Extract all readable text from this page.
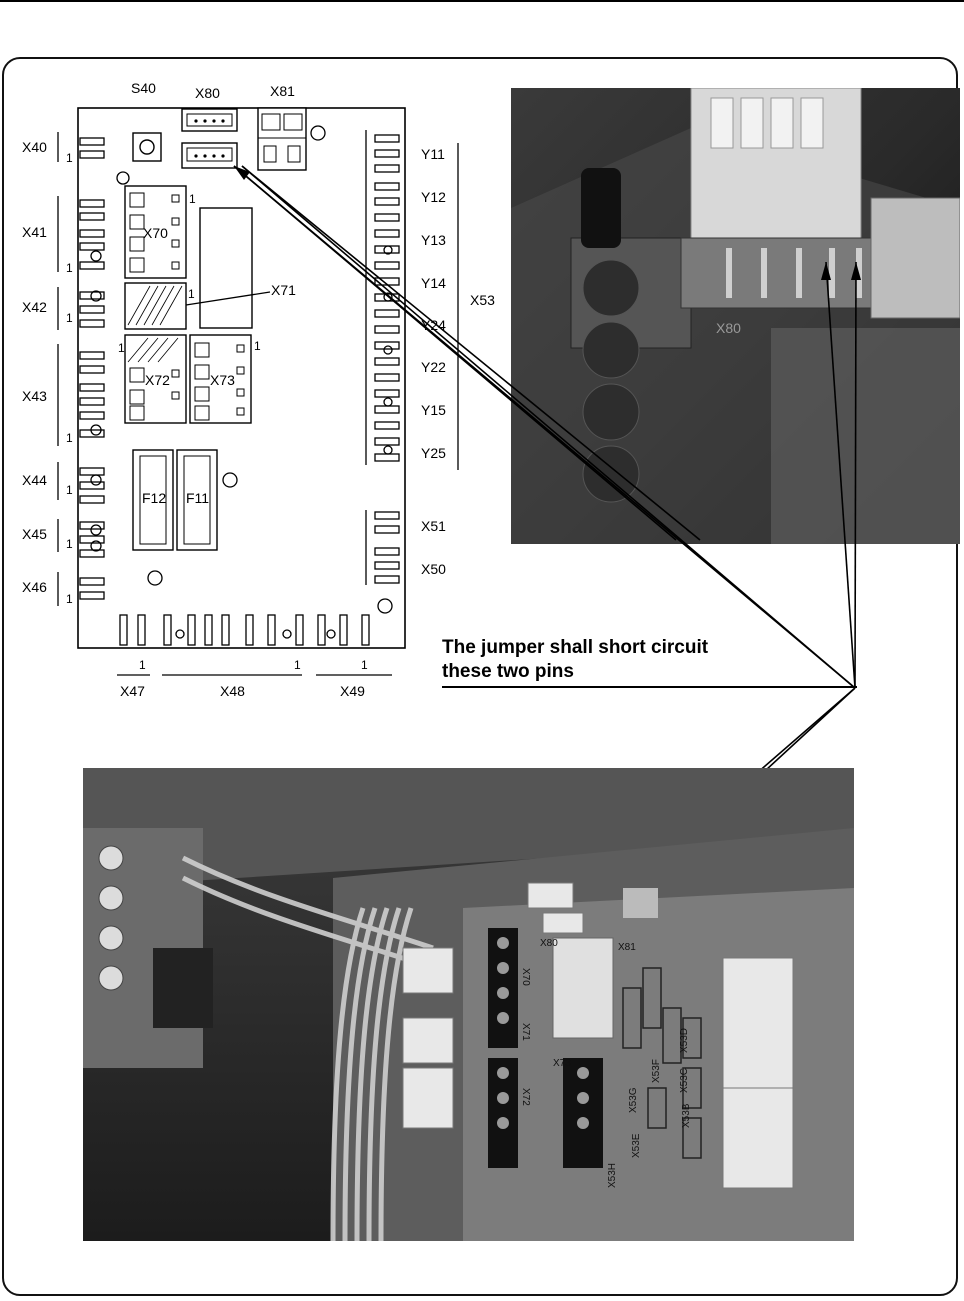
S40	X80	X81
X40
X41
X42
X43
X44
X45
X46
X70
X71
X72	X73
F12 F11
Y11
Y12
Y13
Y14
Y24
Y22
Y15
Y25
X53
X51
X50
X47	X48	X49
1
1
1
1
1
1
1
1
1
1	1
1	1	1
X80
The jumper shall short circuit
these two pins
X80	X81
X70
X71
X72
X73
X53G
X53F
X53D
X53E
X53H
X53C
X53B
